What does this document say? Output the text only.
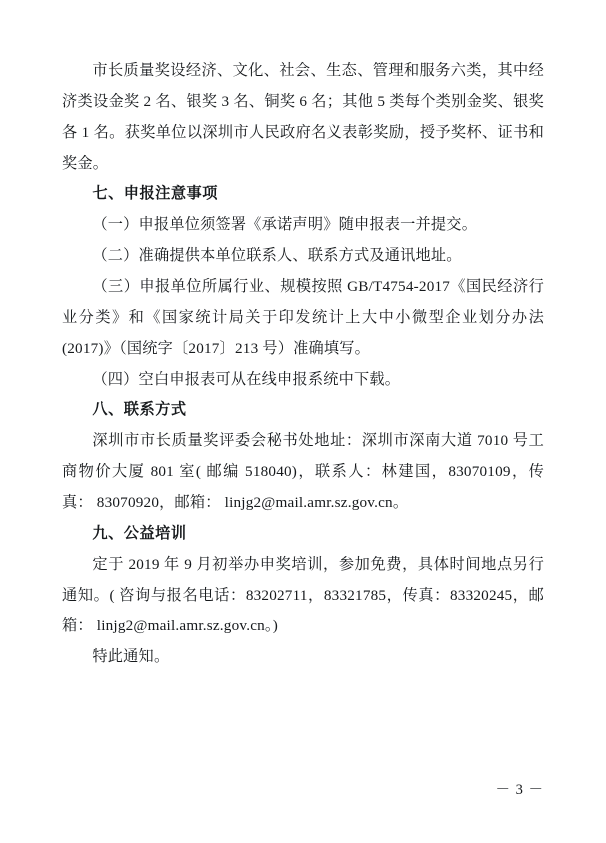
市长质量奖设经济、文化、社会、生态、管理和服务六类，其中经济类设金奖 2 名、银奖 3 名、铜奖 6 名；其他 5 类每个类别金奖、银奖各 1 名。获奖单位以深圳市人民政府名义表彰奖励，授予奖杯、证书和奖金。

七、申报注意事项

（一）申报单位须签署《承诺声明》随申报表一并提交。

（二）准确提供本单位联系人、联系方式及通讯地址。

（三）申报单位所属行业、规模按照 GB/T4754-2017《国民经济行业分类》和《国家统计局关于印发统计上大中小微型企业划分办法 (2017)》（国统字〔2017〕213 号）准确填写。

（四）空白申报表可从在线申报系统中下载。

八、联系方式

深圳市市长质量奖评委会秘书处地址：深圳市深南大道 7010 号工商物价大厦 801 室( 邮编 518040)，联系人：林建国，83070109，传真： 83070920，邮箱： linjg2@mail.amr.sz.gov.cn。

九、公益培训

定于 2019 年 9 月初举办申奖培训，参加免费，具体时间地点另行通知。( 咨询与报名电话：83202711，83321785，传真：83320245，邮箱： linjg2@mail.amr.sz.gov.cn。)

特此通知。

－ 3 －
